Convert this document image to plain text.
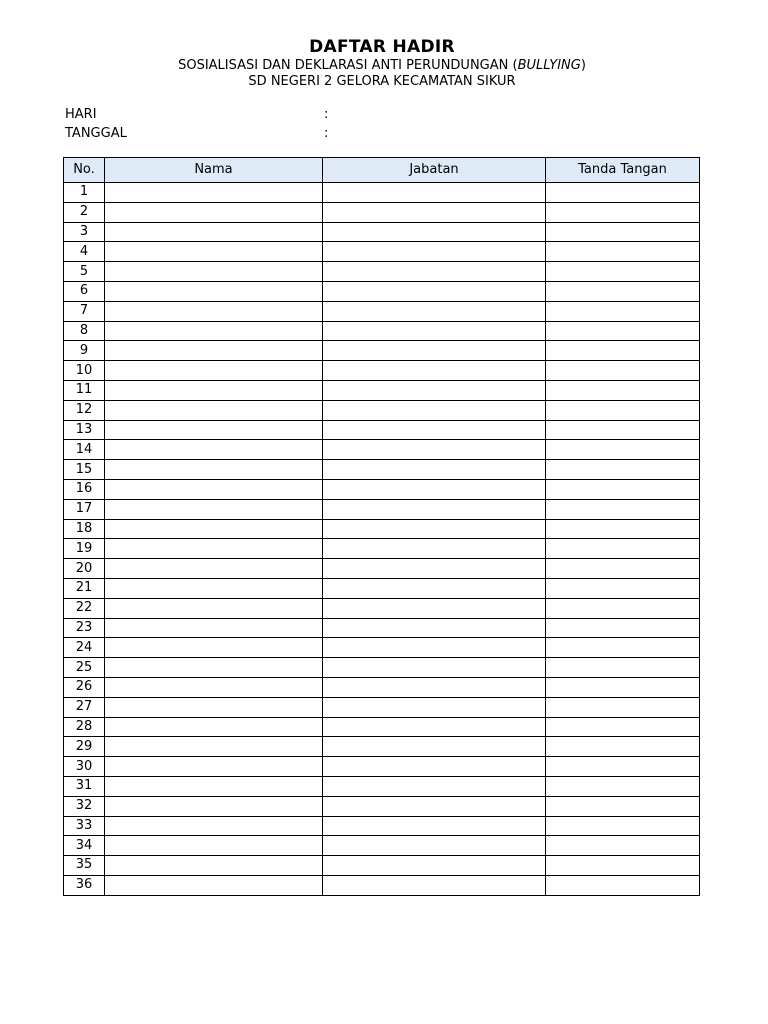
DAFTAR HADIR
SOSIALISASI DAN DEKLARASI ANTI PERUNDUNGAN (BULLYING)
SD NEGERI 2 GELORA KECAMATAN SIKUR
HARI	:
TANGGAL	:
No.	Nama	Jabatan	Tanda Tangan
1			
2			
3			
4			
5			
6			
7			
8			
9			
10			
11			
12			
13			
14			
15			
16			
17			
18			
19			
20			
21			
22			
23			
24			
25			
26			
27			
28			
29			
30			
31			
32			
33			
34			
35			
36			
